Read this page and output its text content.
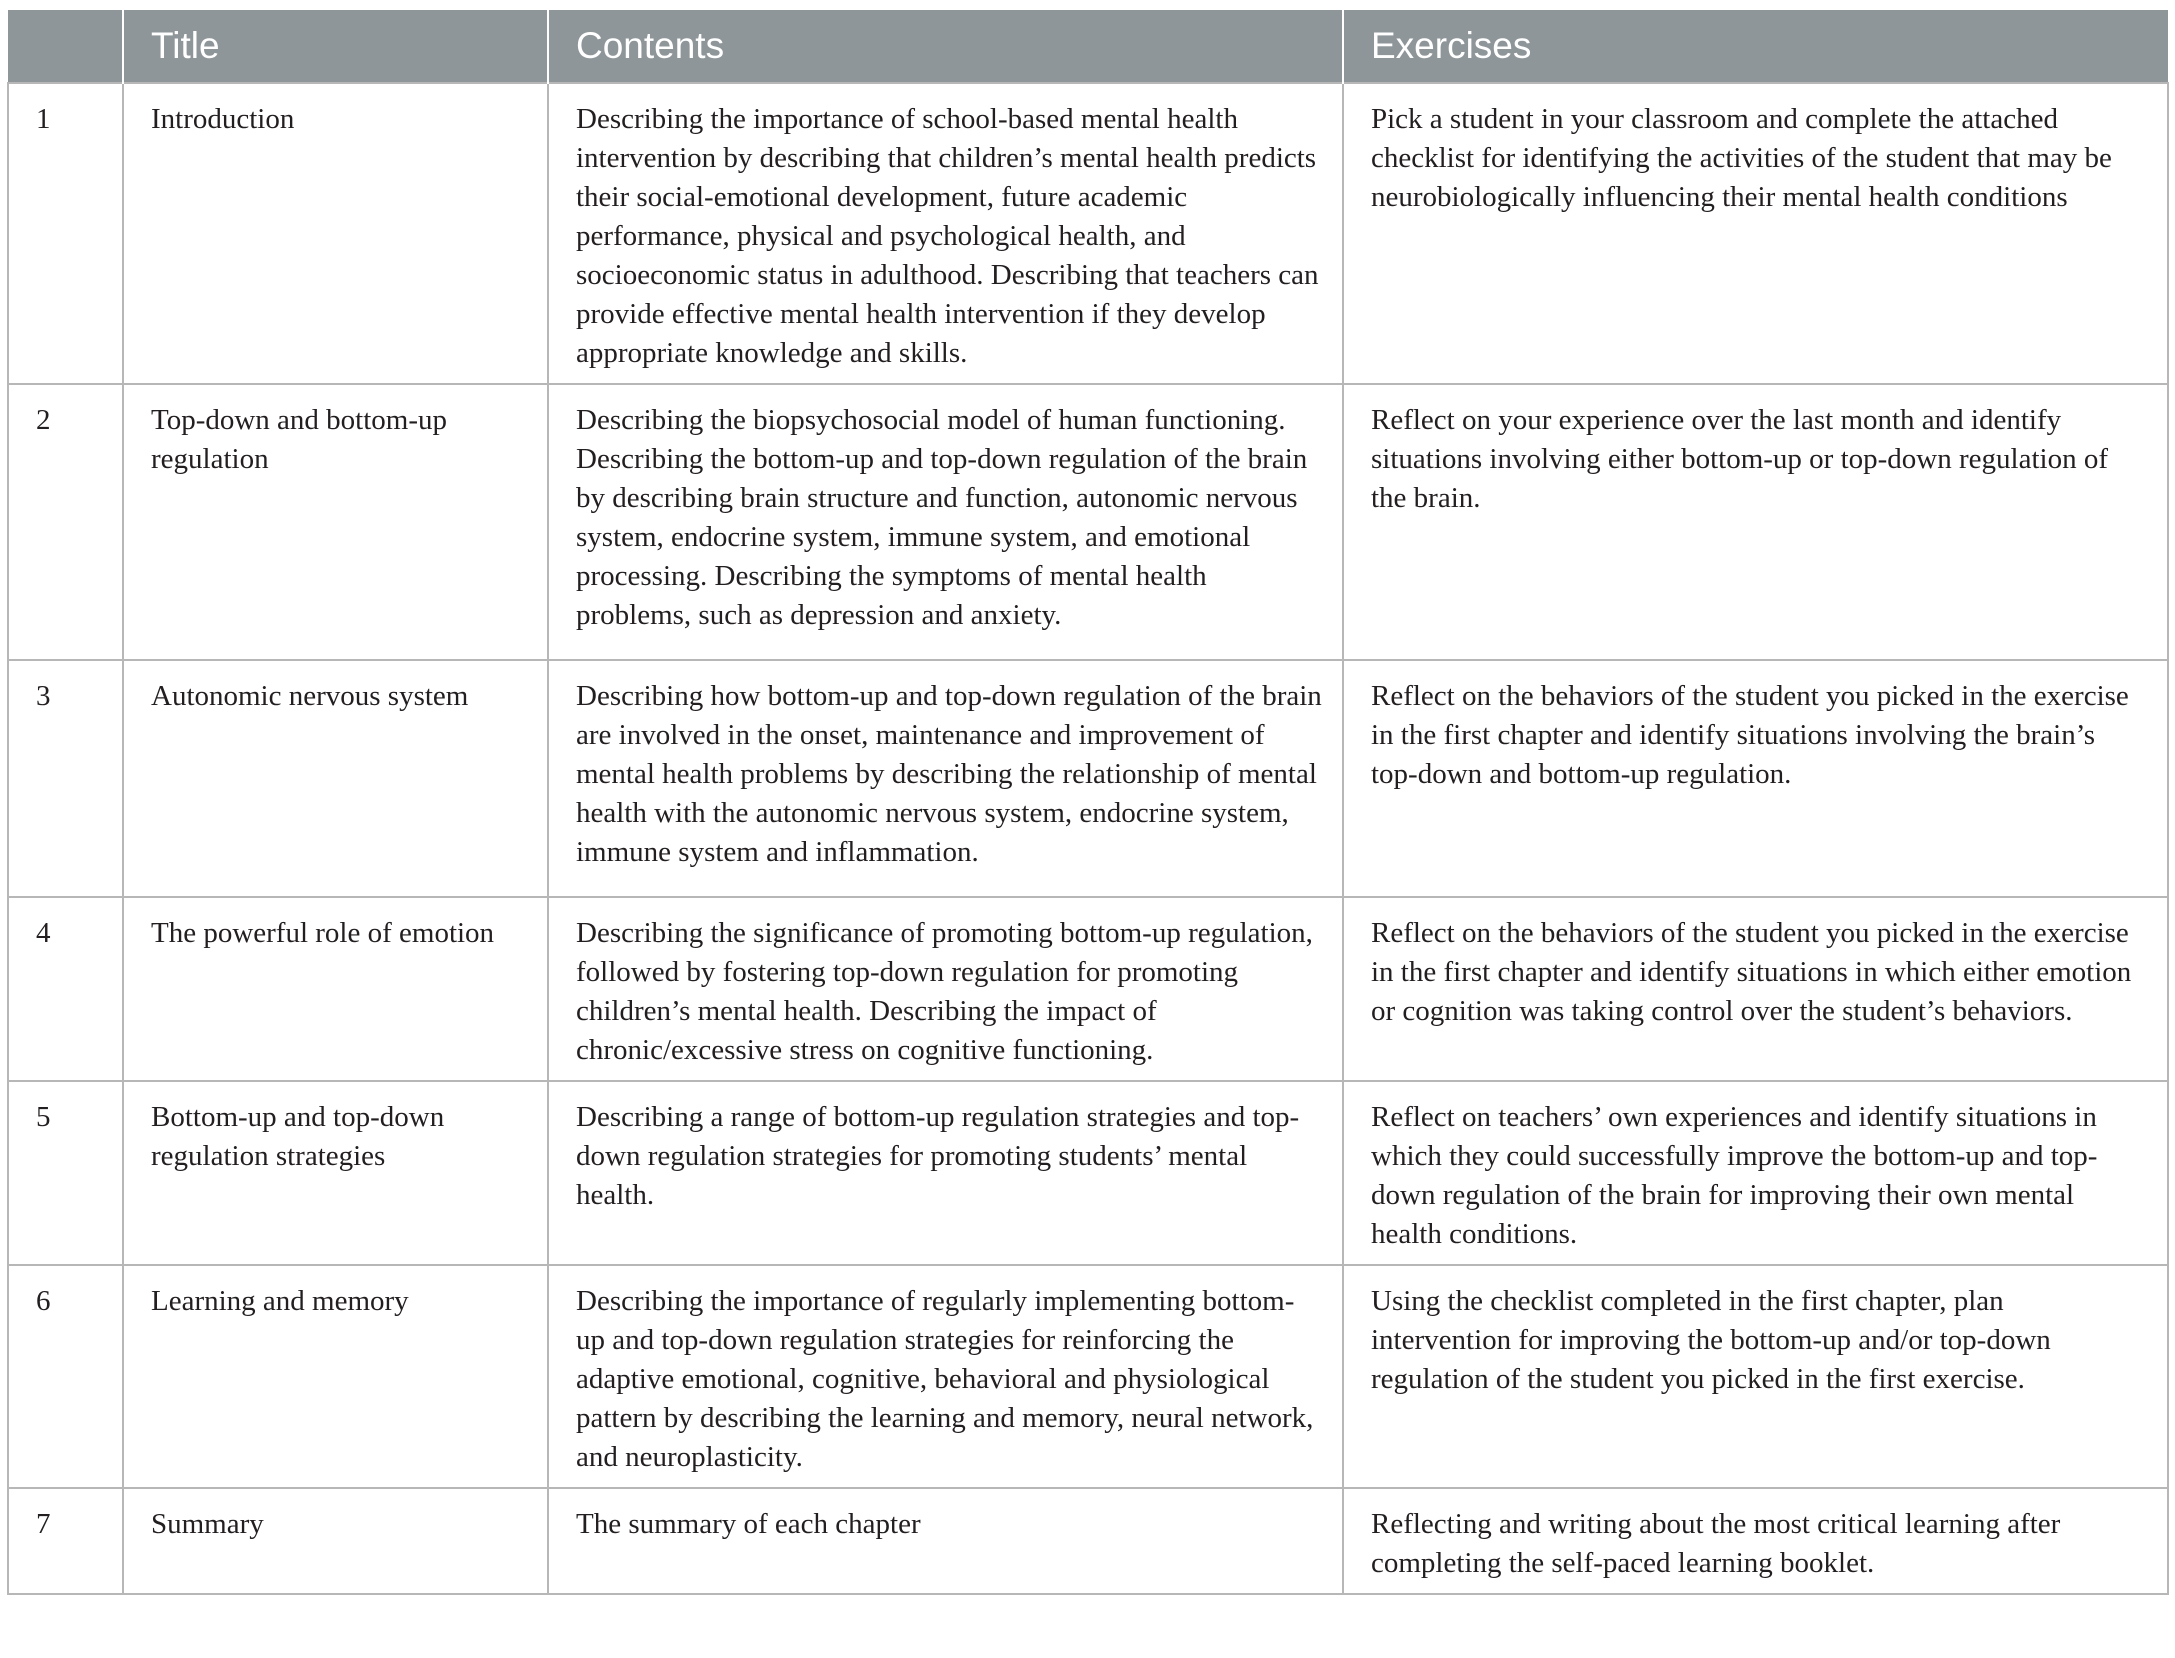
	Title	Contents	Exercises
1	Introduction	Describing the importance of school-based mental health intervention by describing that children’s mental health predicts their social-emotional development, future academic performance, physical and psychological health, and socioeconomic status in adulthood. Describing that teachers can provide effective mental health intervention if they develop appropriate knowledge and skills.	Pick a student in your classroom and complete the attached checklist for identifying the activities of the student that may be neurobiologically influencing their mental health conditions
2	Top-down and bottom-up regulation	Describing the biopsychosocial model of human functioning. Describing the bottom-up and top-down regulation of the brain by describing brain structure and function, autonomic nervous system, endocrine system, immune system, and emotional processing. Describing the symptoms of mental health problems, such as depression and anxiety.	Reflect on your experience over the last month and identify situations involving either bottom-up or top-down regulation of the brain.
3	Autonomic nervous system	Describing how bottom-up and top-down regulation of the brain are involved in the onset, maintenance and improvement of mental health problems by describing the relationship of mental health with the autonomic nervous system, endocrine system, immune system and inflammation.	Reflect on the behaviors of the student you picked in the exercise in the first chapter and identify situations involving the brain’s top-down and bottom-up regulation.
4	The powerful role of emotion	Describing the significance of promoting bottom-up regulation, followed by fostering top-down regulation for promoting children’s mental health. Describing the impact of chronic/excessive stress on cognitive functioning.	Reflect on the behaviors of the student you picked in the exercise in the first chapter and identify situations in which either emotion or cognition was taking control over the student’s behaviors.
5	Bottom-up and top-down regulation strategies	Describing a range of bottom-up regulation strategies and top-down regulation strategies for promoting students’ mental health.	Reflect on teachers’ own experiences and identify situations in which they could successfully improve the bottom-up and top-down regulation of the brain for improving their own mental health conditions.
6	Learning and memory	Describing the importance of regularly implementing bottom-up and top-down regulation strategies for reinforcing the adaptive emotional, cognitive, behavioral and physiological pattern by describing the learning and memory, neural network, and neuroplasticity.	Using the checklist completed in the first chapter, plan intervention for improving the bottom-up and/or top-down regulation of the student you picked in the first exercise.
7	Summary	The summary of each chapter	Reflecting and writing about the most critical learning after completing the self-paced learning booklet.
